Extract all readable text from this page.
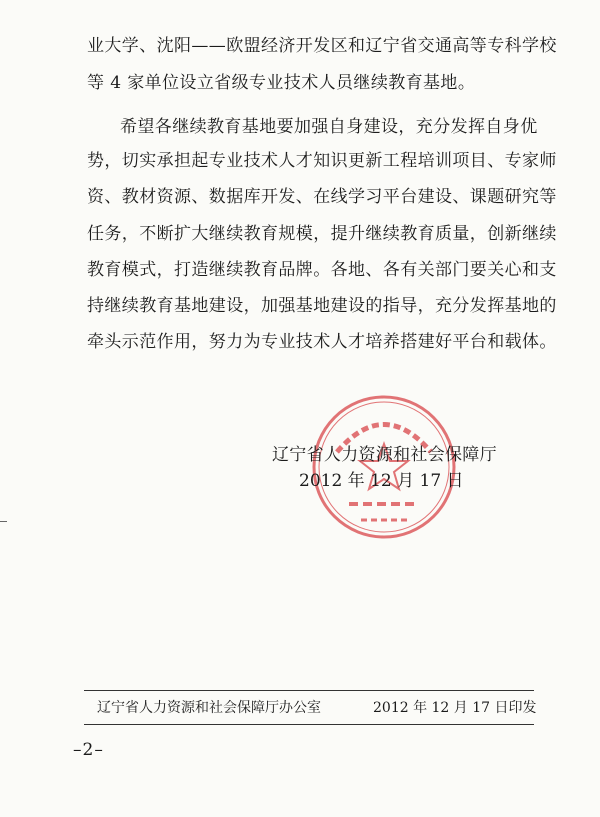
业大学、沈阳——欧盟经济开发区和辽宁省交通高等专科学校
等 4 家单位设立省级专业技术人员继续教育基地。
希望各继续教育基地要加强自身建设，充分发挥自身优
势，切实承担起专业技术人才知识更新工程培训项目、专家师
资、教材资源、数据库开发、在线学习平台建设、课题研究等
任务，不断扩大继续教育规模，提升继续教育质量，创新继续
教育模式，打造继续教育品牌。各地、各有关部门要关心和支
持继续教育基地建设，加强基地建设的指导，充分发挥基地的
牵头示范作用，努力为专业技术人才培养搭建好平台和载体。
辽宁省人力资源和社会保障厅
2012 年 12 月 17 日
辽宁省人力资源和社会保障厅办公室	2012 年 12 月 17 日印发
–2–
